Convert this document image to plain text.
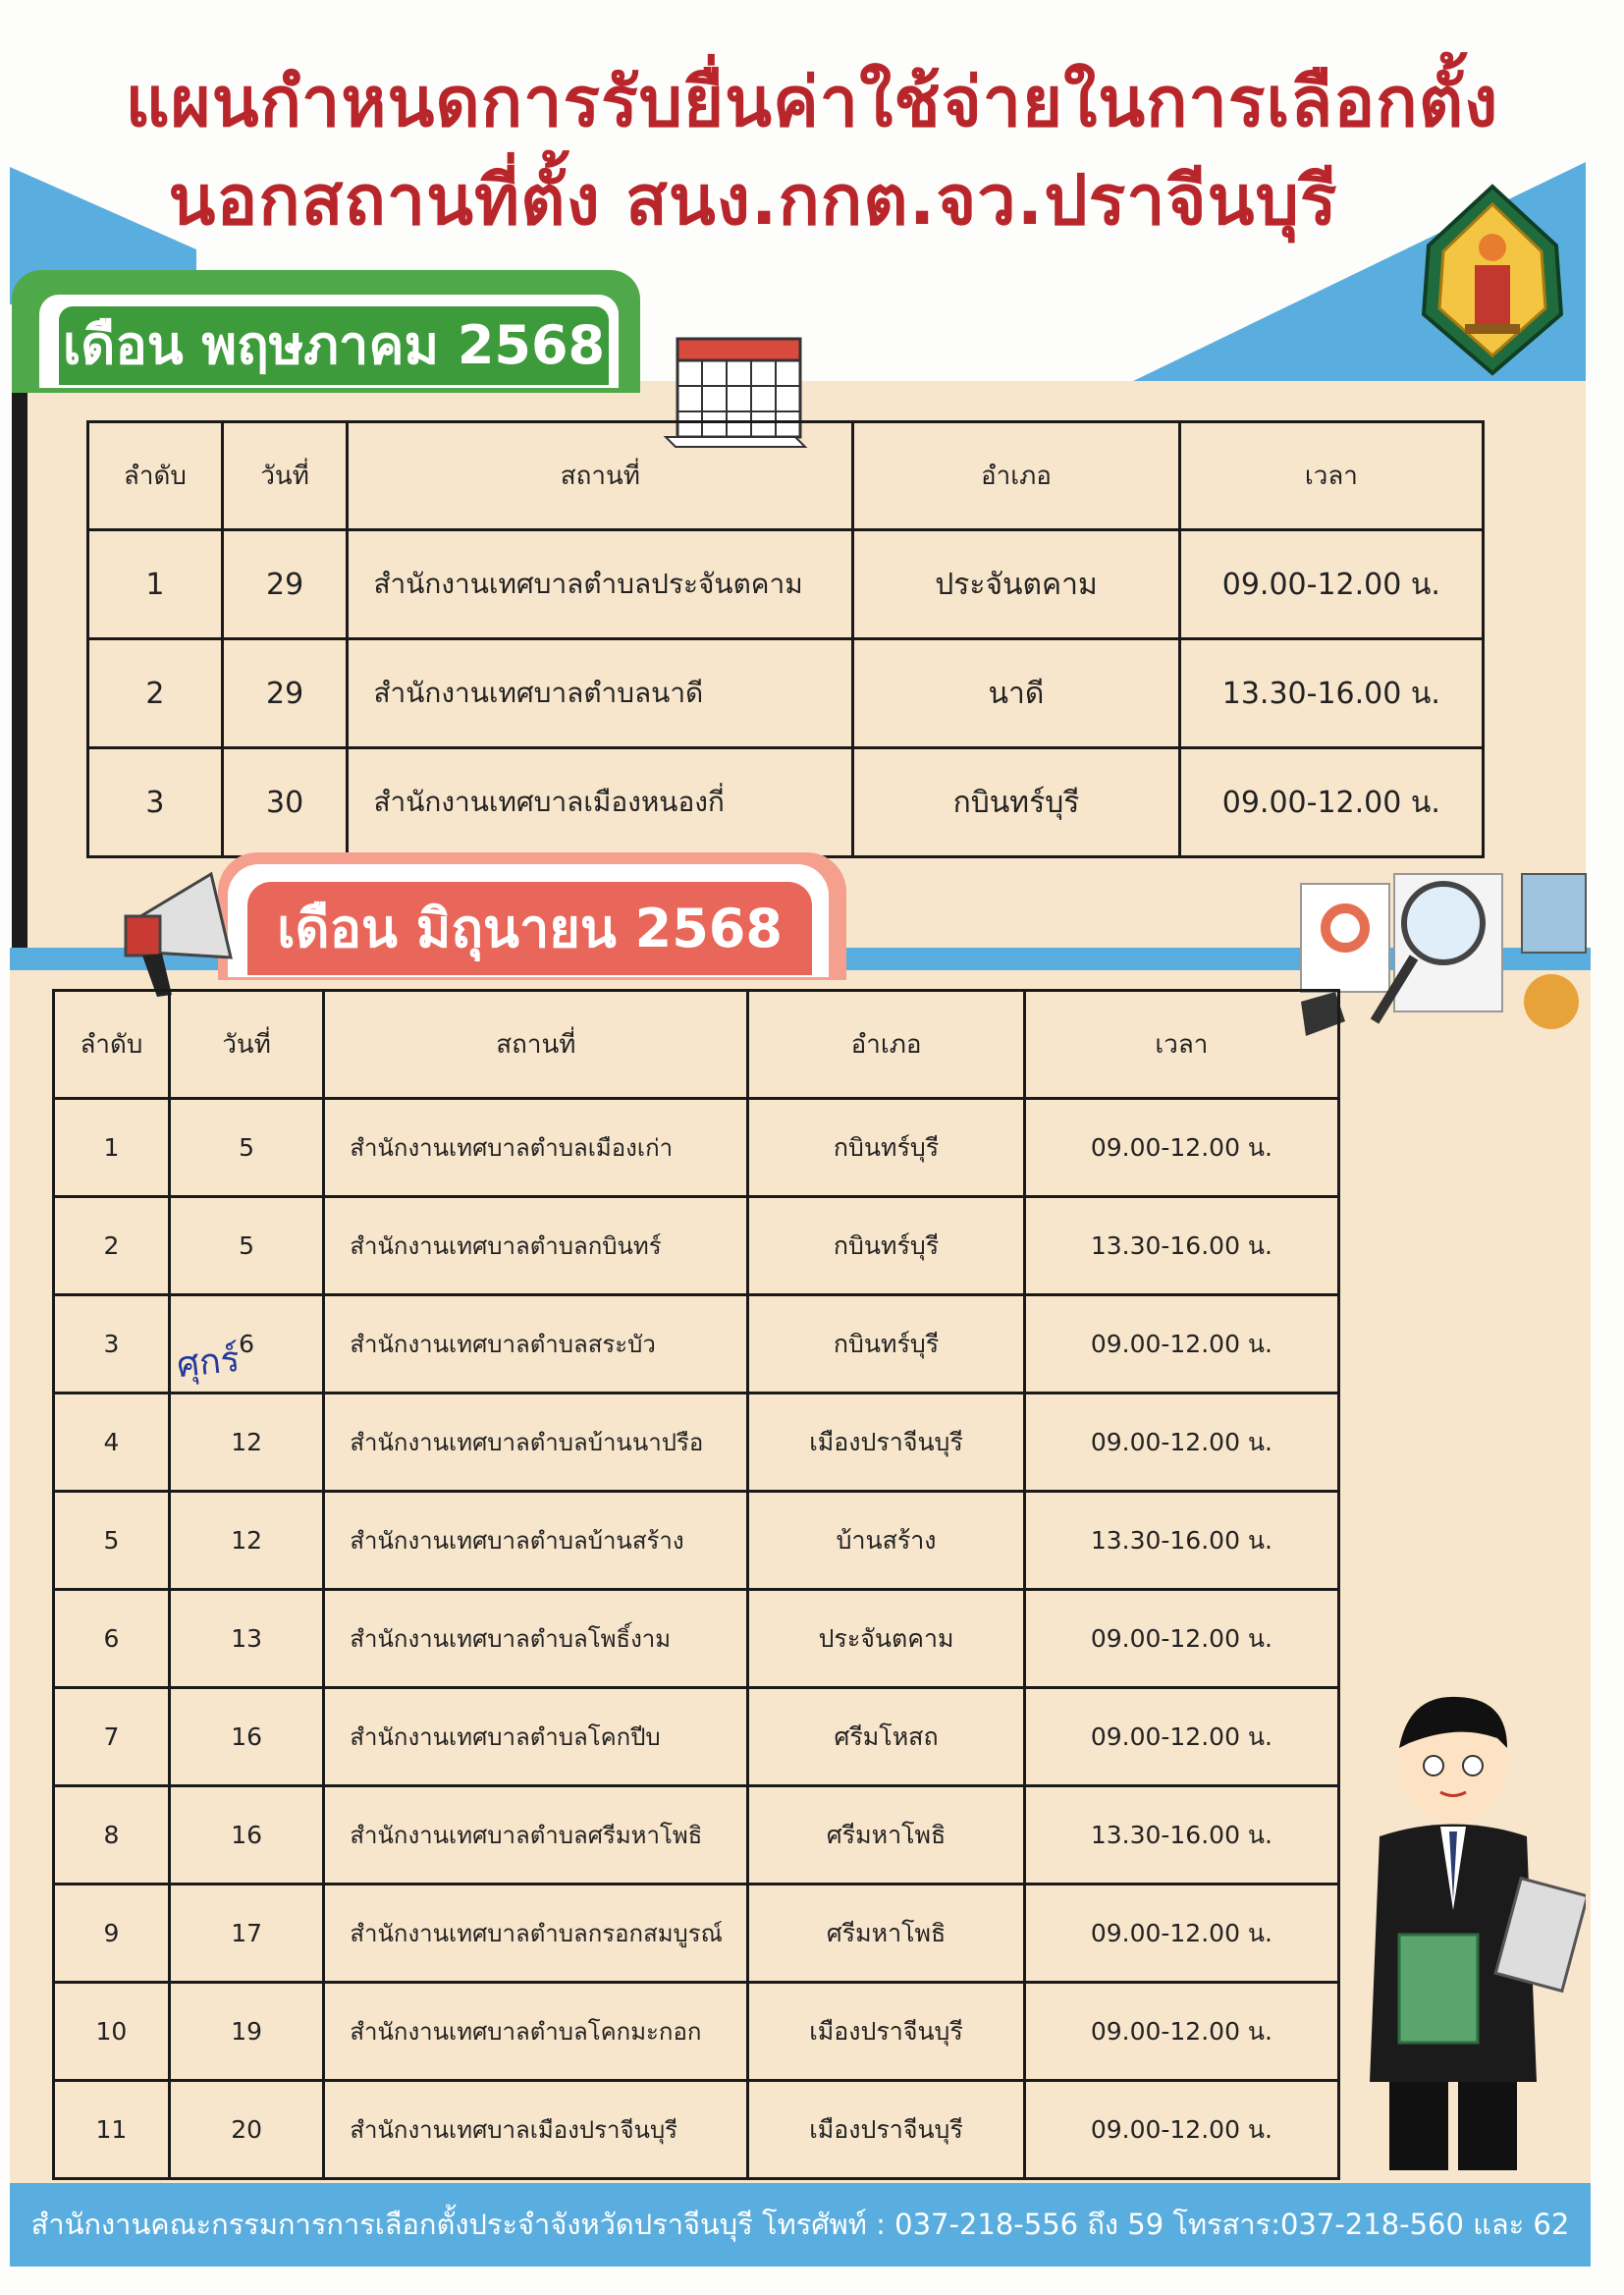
แผนกำหนดการรับยื่นค่าใช้จ่ายในการเลือกตั้ง
นอกสถานที่ตั้ง สนง.กกต.จว.ปราจีนบุรี
เดือน พฤษภาคม 2568
ลำดับ	วันที่	สถานที่	อำเภอ	เวลา
1	29	สำนักงานเทศบาลตำบลประจันตคาม	ประจันตคาม	09.00-12.00 น.
2	29	สำนักงานเทศบาลตำบลนาดี	นาดี	13.30-16.00 น.
3	30	สำนักงานเทศบาลเมืองหนองกี่	กบินทร์บุรี	09.00-12.00 น.
เดือน มิถุนายน 2568
ลำดับ	วันที่	สถานที่	อำเภอ	เวลา
1	5	สำนักงานเทศบาลตำบลเมืองเก่า	กบินทร์บุรี	09.00-12.00 น.
2	5	สำนักงานเทศบาลตำบลกบินทร์	กบินทร์บุรี	13.30-16.00 น.
3	6	สำนักงานเทศบาลตำบลสระบัว	กบินทร์บุรี	09.00-12.00 น.
4	12	สำนักงานเทศบาลตำบลบ้านนาปรือ	เมืองปราจีนบุรี	09.00-12.00 น.
5	12	สำนักงานเทศบาลตำบลบ้านสร้าง	บ้านสร้าง	13.30-16.00 น.
6	13	สำนักงานเทศบาลตำบลโพธิ์งาม	ประจันตคาม	09.00-12.00 น.
7	16	สำนักงานเทศบาลตำบลโคกปีบ	ศรีมโหสถ	09.00-12.00 น.
8	16	สำนักงานเทศบาลตำบลศรีมหาโพธิ	ศรีมหาโพธิ	13.30-16.00 น.
9	17	สำนักงานเทศบาลตำบลกรอกสมบูรณ์	ศรีมหาโพธิ	09.00-12.00 น.
10	19	สำนักงานเทศบาลตำบลโคกมะกอก	เมืองปราจีนบุรี	09.00-12.00 น.
11	20	สำนักงานเทศบาลเมืองปราจีนบุรี	เมืองปราจีนบุรี	09.00-12.00 น.
ศุกร์
สำนักงานคณะกรรมการการเลือกตั้งประจำจังหวัดปราจีนบุรี โทรศัพท์ : 037-218-556 ถึง 59 โทรสาร:037-218-560 และ 62
